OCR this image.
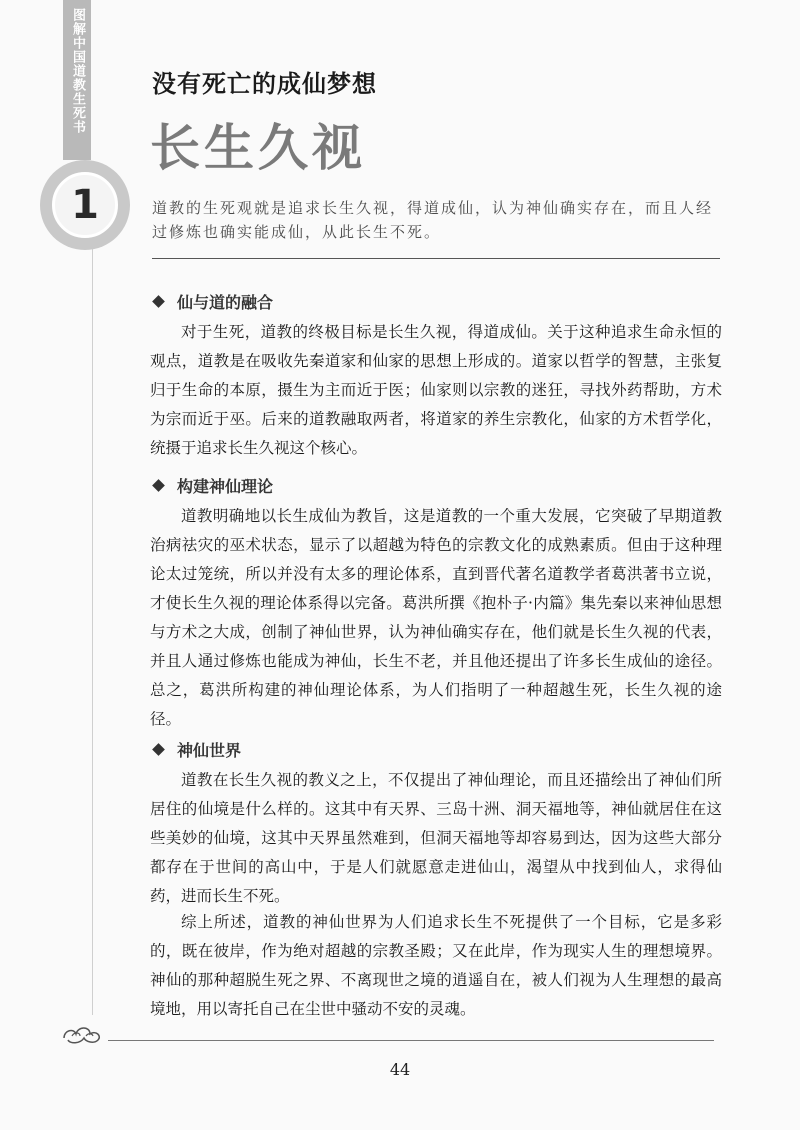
图解中国道教生死书
1
没有死亡的成仙梦想
长生久视
道教的生死观就是追求长生久视，得道成仙，认为神仙确实存在，而且人经过修炼也确实能成仙，从此长生不死。
仙与道的融合
对于生死，道教的终极目标是长生久视，得道成仙。关于这种追求生命永恒的观点，道教是在吸收先秦道家和仙家的思想上形成的。道家以哲学的智慧，主张复归于生命的本原，摄生为主而近于医；仙家则以宗教的迷狂，寻找外药帮助，方术为宗而近于巫。后来的道教融取两者，将道家的养生宗教化，仙家的方术哲学化，统摄于追求长生久视这个核心。
构建神仙理论
道教明确地以长生成仙为教旨，这是道教的一个重大发展，它突破了早期道教治病祛灾的巫术状态，显示了以超越为特色的宗教文化的成熟素质。但由于这种理论太过笼统，所以并没有太多的理论体系，直到晋代著名道教学者葛洪著书立说，才使长生久视的理论体系得以完备。葛洪所撰《抱朴子·内篇》集先秦以来神仙思想与方术之大成，创制了神仙世界，认为神仙确实存在，他们就是长生久视的代表，并且人通过修炼也能成为神仙，长生不老，并且他还提出了许多长生成仙的途径。总之，葛洪所构建的神仙理论体系，为人们指明了一种超越生死，长生久视的途径。
神仙世界
道教在长生久视的教义之上，不仅提出了神仙理论，而且还描绘出了神仙们所居住的仙境是什么样的。这其中有天界、三岛十洲、洞天福地等，神仙就居住在这些美妙的仙境，这其中天界虽然难到，但洞天福地等却容易到达，因为这些大部分都存在于世间的高山中，于是人们就愿意走进仙山，渴望从中找到仙人，求得仙药，进而长生不死。
综上所述，道教的神仙世界为人们追求长生不死提供了一个目标，它是多彩的，既在彼岸，作为绝对超越的宗教圣殿；又在此岸，作为现实人生的理想境界。神仙的那种超脱生死之界、不离现世之境的逍遥自在，被人们视为人生理想的最高境地，用以寄托自己在尘世中骚动不安的灵魂。
44
